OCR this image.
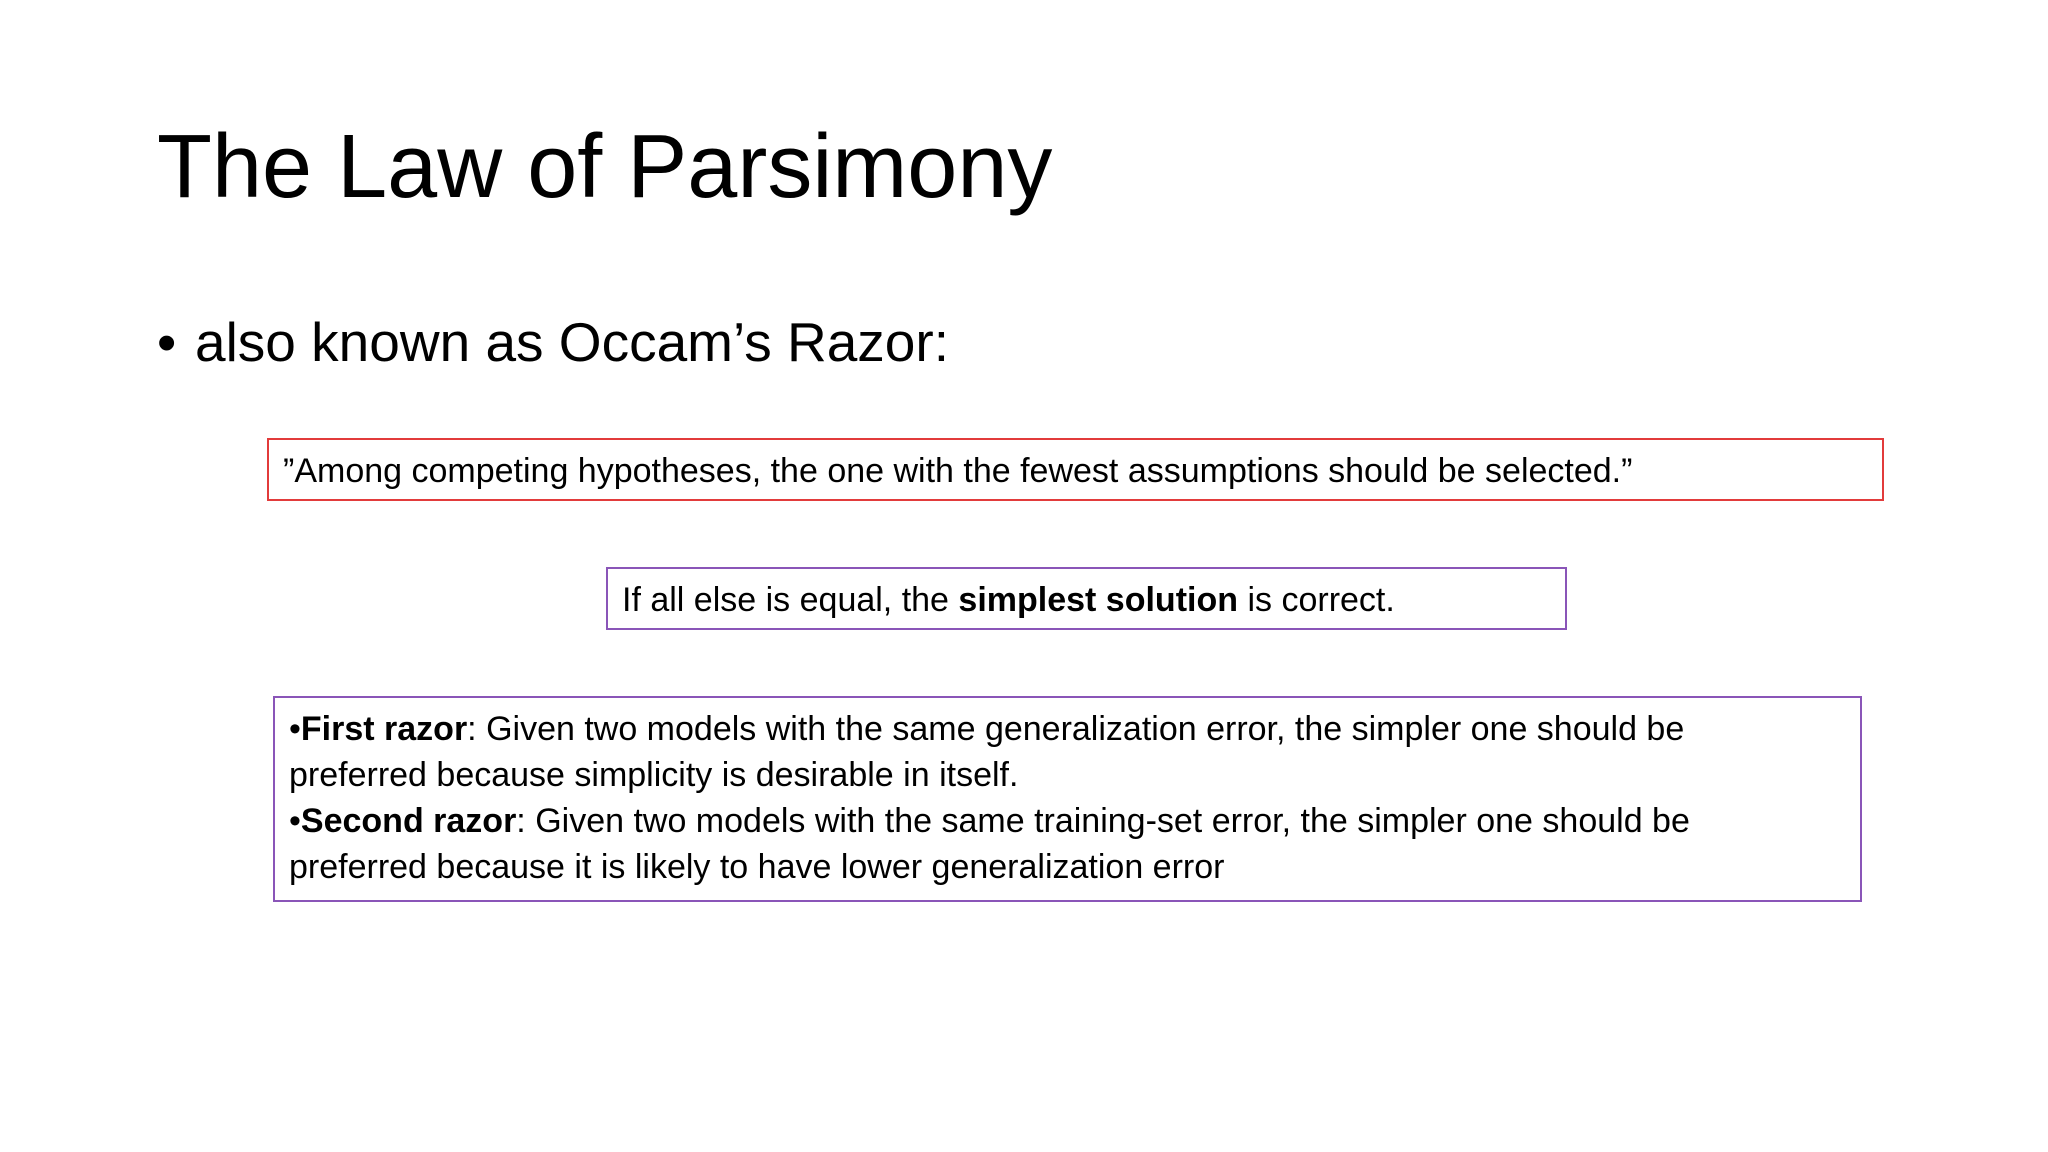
The Law of Parsimony
• also known as Occam’s Razor:
”Among competing hypotheses, the one with the fewest assumptions should be selected.”
If all else is equal, the simplest solution is correct.
•First razor: Given two models with the same generalization error, the simpler one should be
preferred because simplicity is desirable in itself.
•Second razor: Given two models with the same training-set error, the simpler one should be
preferred because it is likely to have lower generalization error
